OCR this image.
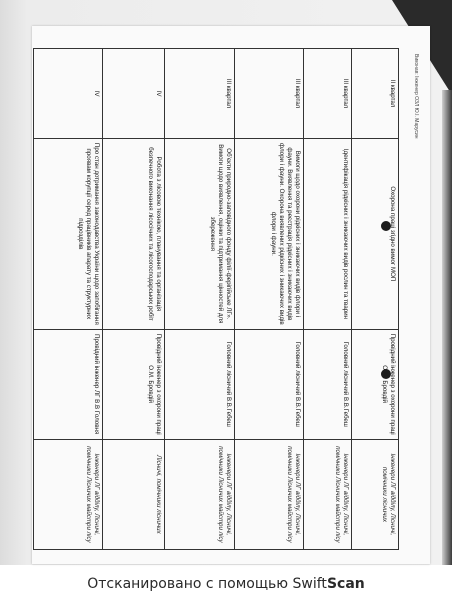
Виконав: Інженер ОЗЛ Ю.І. Марусин
ІІ квартал	Охорона праці згідно вимог МОП	Провідний інженер з охорони праці О.М. Бровдій	Інженери ЛГ відділу, Лісничі, помічники лісничих
ІІІ квартал	Ідентифікація рідкісних і зникаючих видів рослин та тварин	Головний лісничий В.В.Гебеш	Інженери ЛГ відділу, Лісничі, помічники Лісничих майстри лісу
ІІІ квартал	Вимоги щодо охорони рідкісних і зникаючих видів флори і фауни. Виявлення та реєстрація рідкісних і зникаючих видів флори і фауни. Охорона виявлених рідкісних і зникаючих видів флори і фауни.	Головний лісничий В.В.Гебеш	Інженери ЛГ відділу, Лісничі, помічники Лісничих майстри лісу
ІІІ квартал	Об’єкти природно-заповідного фонду філії-ферігійське ЛГ». Вимоги щодо виявлення, оцінки та підтримання цінностей для збереження	Головний лісничий В.В.Гебеш	Інженери ЛГ відділу, Лісничі, помічники Лісничих майстри лісу
IV	Робота з лісовою технікою, планування та організація безпечного виконання лісосічних та лісогосподарських робіт	Провідний інженер з охорони праці О.М. Бровдій	Лісничі, помічники лісничих
IV	Про стан дотримання законодавства України щодо запобігання проявам корупції серед працівників апарату та структурних підрозділів	Провідний інженер ЛГ В.В Головня	Інженери ЛГ відділу, Лісничі, помічники Лісничих майстри лісу
Отсканировано с помощью SwiftScan
